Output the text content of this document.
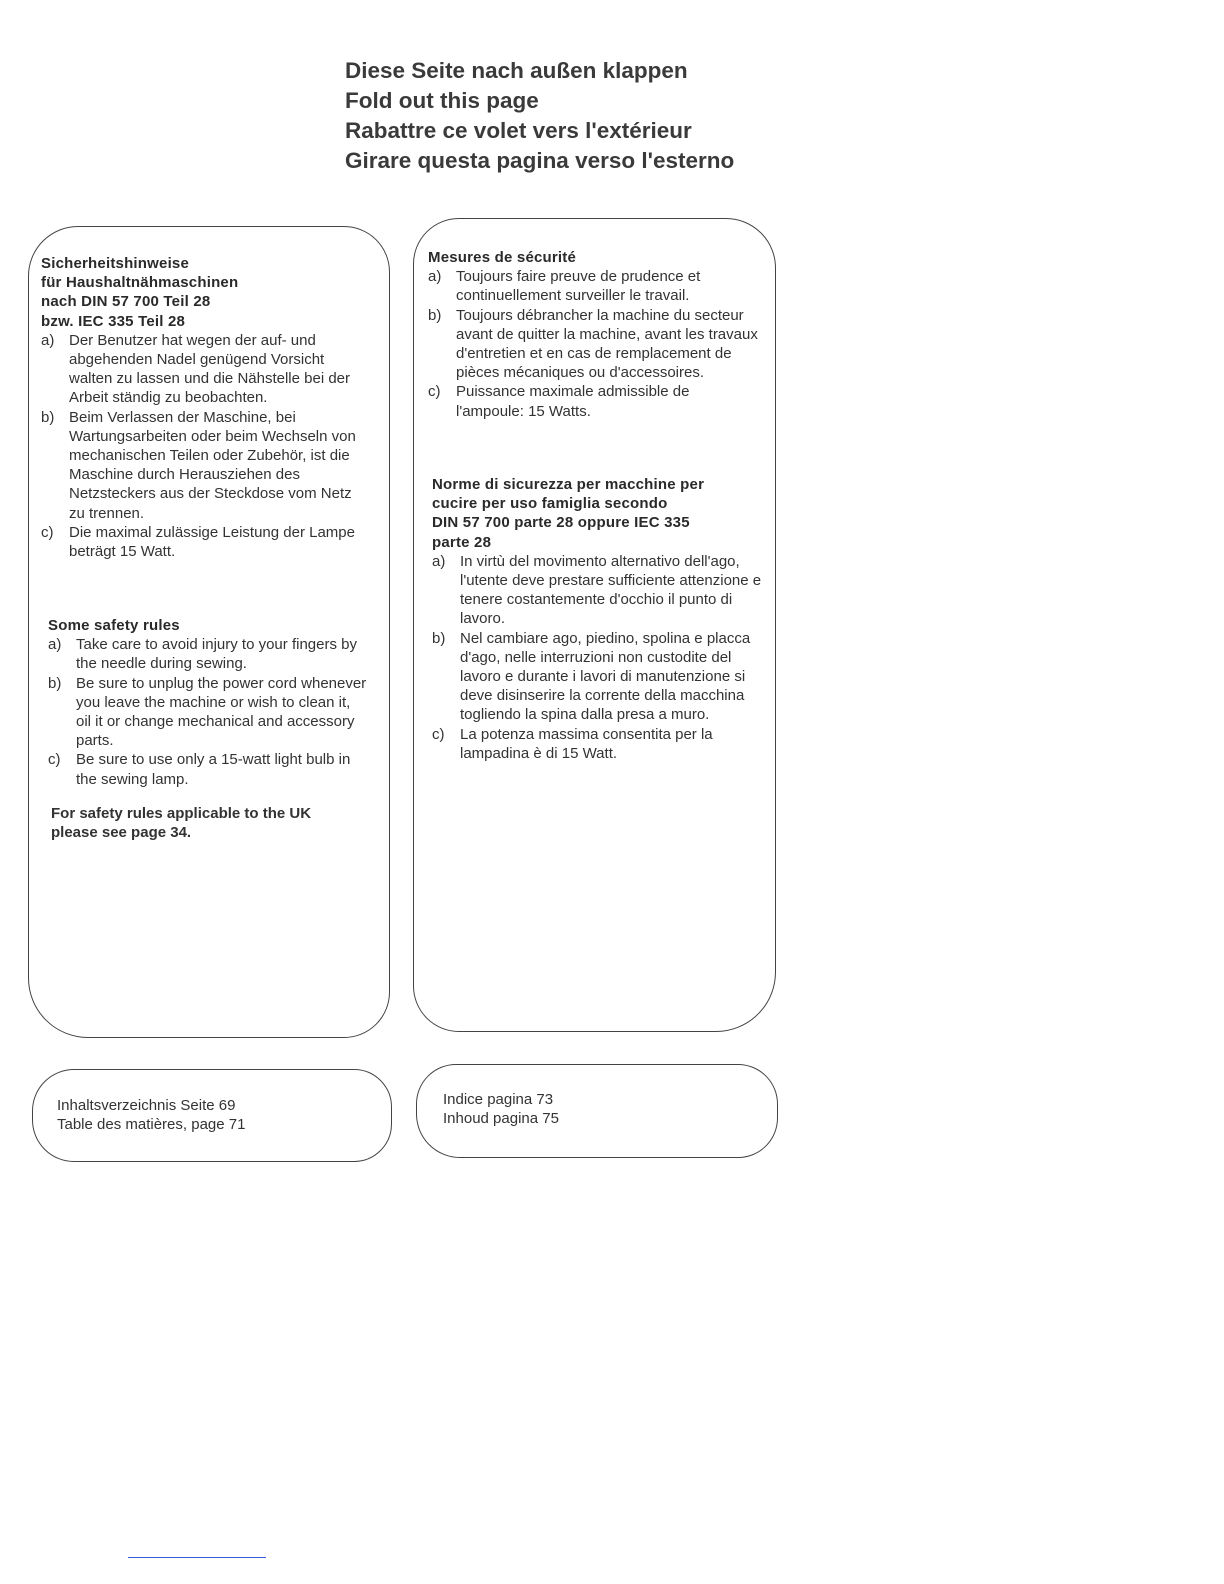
Diese Seite nach außen klappen
Fold out this page
Rabattre ce volet vers l'extérieur
Girare questa pagina verso l'esterno
Sicherheitshinweise
für Haushaltnähmaschinen
nach DIN 57 700 Teil 28
bzw. IEC 335 Teil 28
a) Der Benutzer hat wegen der auf- und abgehenden Nadel genügend Vorsicht walten zu lassen und die Nähstelle bei der Arbeit ständig zu beobachten.
b) Beim Verlassen der Maschine, bei Wartungsarbeiten oder beim Wechseln von mechanischen Teilen oder Zubehör, ist die Maschine durch Herausziehen des Netzsteckers aus der Steckdose vom Netz zu trennen.
c) Die maximal zulässige Leistung der Lampe beträgt 15 Watt.
Some safety rules
a) Take care to avoid injury to your fingers by the needle during sewing.
b) Be sure to unplug the power cord whenever you leave the machine or wish to clean it, oil it or change mechanical and accessory parts.
c) Be sure to use only a 15-watt light bulb in the sewing lamp.
For safety rules applicable to the UK
please see page 34.
Mesures de sécurité
a) Toujours faire preuve de prudence et continuellement surveiller le travail.
b) Toujours débrancher la machine du secteur avant de quitter la machine, avant les travaux d'entretien et en cas de remplacement de pièces mécaniques ou d'accessoires.
c) Puissance maximale admissible de l'ampoule: 15 Watts.
Norme di sicurezza per macchine per
cucire per uso famiglia secondo
DIN 57 700 parte 28 oppure IEC 335
parte 28
a) In virtù del movimento alternativo dell'ago, l'utente deve prestare sufficiente attenzione e tenere costantemente d'occhio il punto di lavoro.
b) Nel cambiare ago, piedino, spolina e placca d'ago, nelle interruzioni non custodite del lavoro e durante i lavori di manutenzione si deve disinserire la corrente della macchina togliendo la spina dalla presa a muro.
c) La potenza massima consentita per la lampadina è di 15 Watt.
Inhaltsverzeichnis Seite 69
Table des matières, page 71
Indice pagina 73
Inhoud pagina 75
